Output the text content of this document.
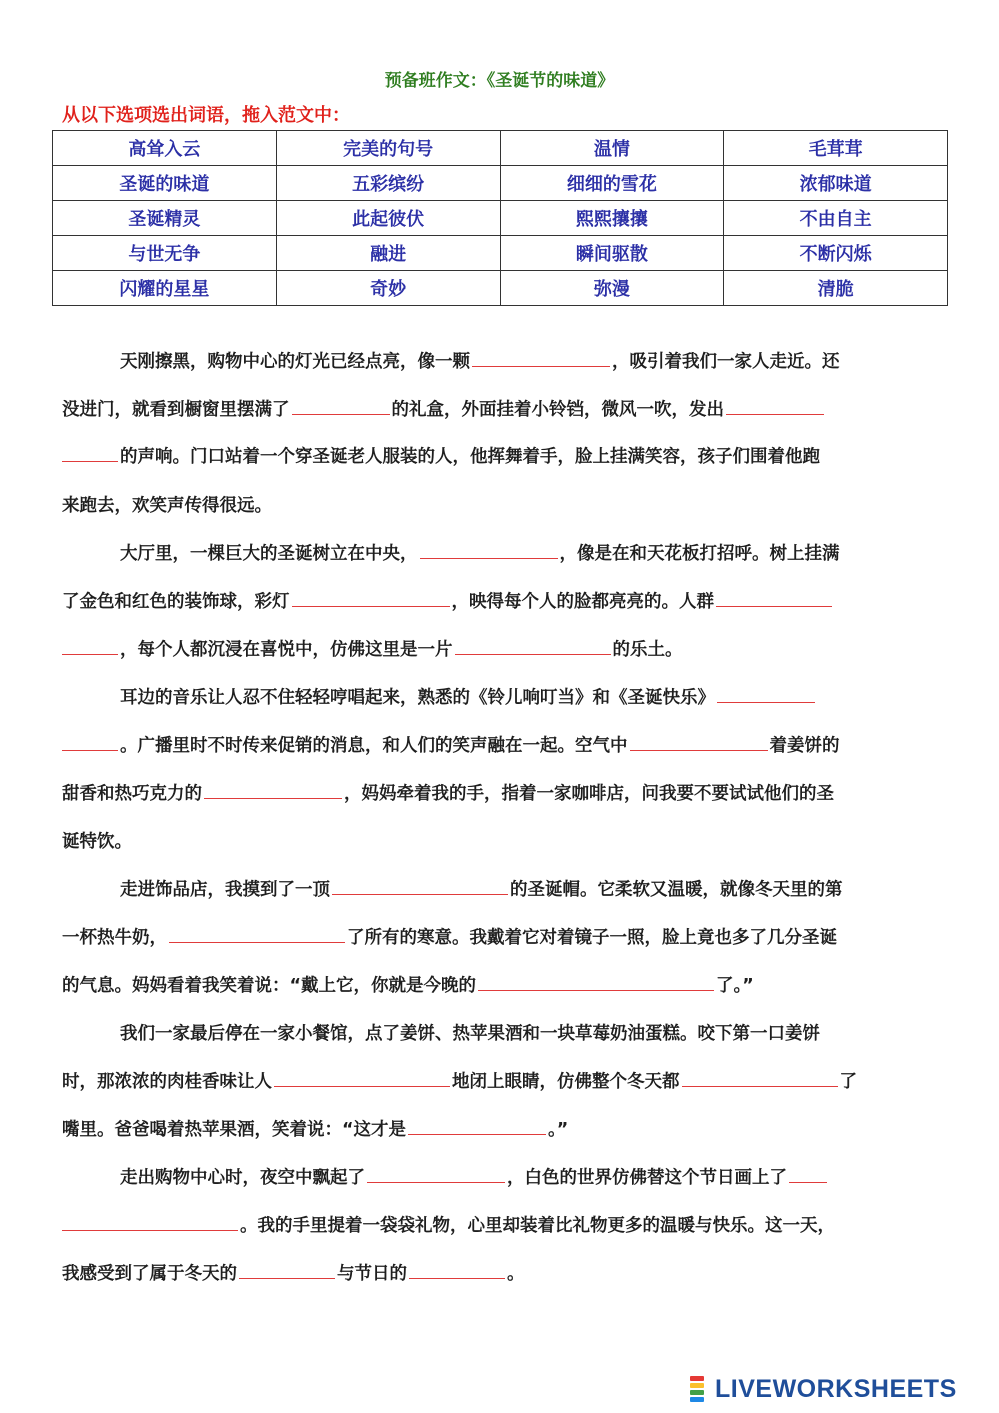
预备班作文：《圣诞节的味道》
从以下选项选出词语，拖入范文中：
高耸入云	完美的句号	温情	毛茸茸
圣诞的味道	五彩缤纷	细细的雪花	浓郁味道
圣诞精灵	此起彼伏	熙熙攘攘	不由自主
与世无争	融进	瞬间驱散	不断闪烁
闪耀的星星	奇妙	弥漫	清脆
天刚擦黑，购物中心的灯光已经点亮，像一颗	，吸引着我们一家人走近。还
没进门，就看到橱窗里摆满了	的礼盒，外面挂着小铃铛，微风一吹，发出
的声响。门口站着一个穿圣诞老人服装的人，他挥舞着手，脸上挂满笑容，孩子们围着他跑
来跑去，欢笑声传得很远。
大厅里，一棵巨大的圣诞树立在中央，	，像是在和天花板打招呼。树上挂满
了金色和红色的装饰球，彩灯	，映得每个人的脸都亮亮的。人群
，每个人都沉浸在喜悦中，仿佛这里是一片	的乐土。
耳边的音乐让人忍不住轻轻哼唱起来，熟悉的《铃儿响叮当》和《圣诞快乐》
。广播里时不时传来促销的消息，和人们的笑声融在一起。空气中	着姜饼的
甜香和热巧克力的	，妈妈牵着我的手，指着一家咖啡店，问我要不要试试他们的圣
诞特饮。
走进饰品店，我摸到了一顶	的圣诞帽。它柔软又温暖，就像冬天里的第
一杯热牛奶，	了所有的寒意。我戴着它对着镜子一照，脸上竟也多了几分圣诞
的气息。妈妈看着我笑着说：“戴上它，你就是今晚的	了。”
我们一家最后停在一家小餐馆，点了姜饼、热苹果酒和一块草莓奶油蛋糕。咬下第一口姜饼
时，那浓浓的肉桂香味让人	地闭上眼睛，仿佛整个冬天都	了
嘴里。爸爸喝着热苹果酒，笑着说：“这才是	。”
走出购物中心时，夜空中飘起了	，白色的世界仿佛替这个节日画上了
。我的手里提着一袋袋礼物，心里却装着比礼物更多的温暖与快乐。这一天，
我感受到了属于冬天的	与节日的	。
LIVEWORKSHEETS
